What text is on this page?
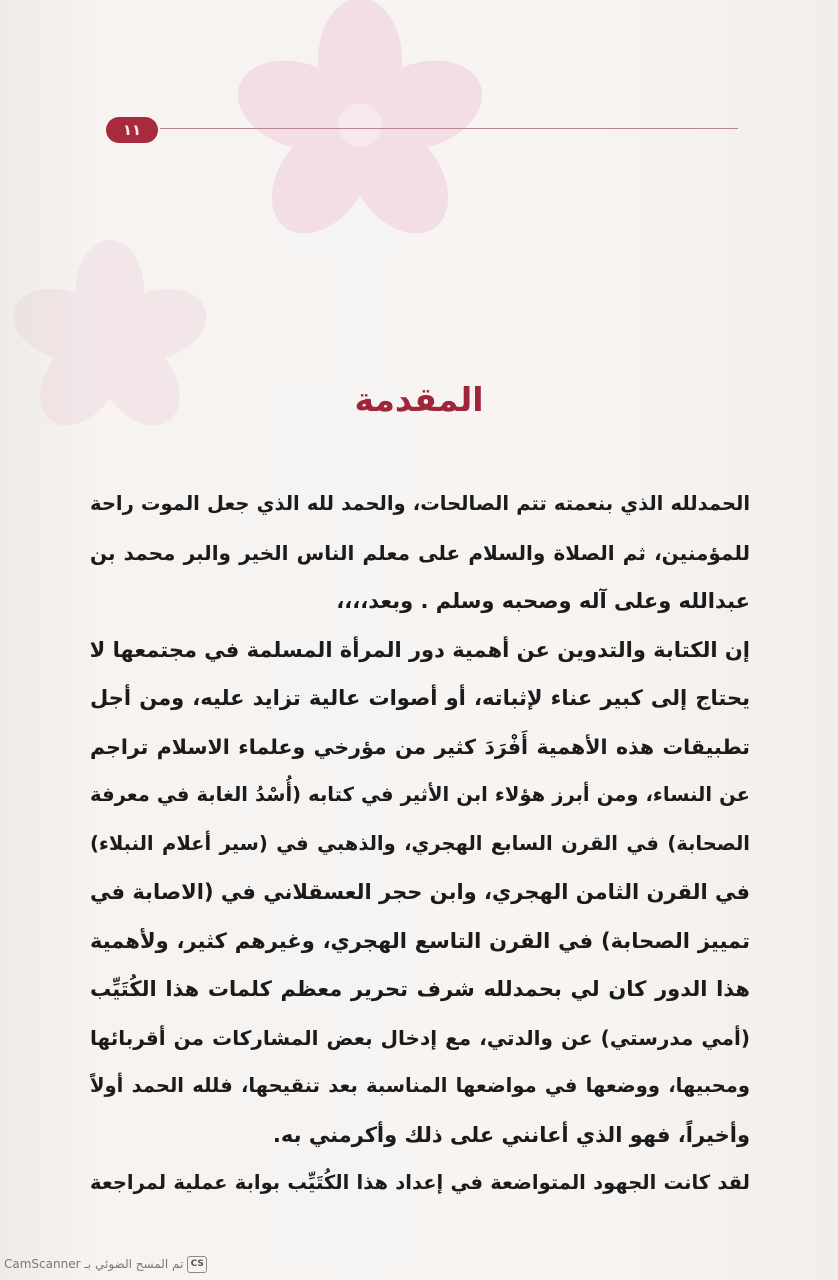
١١
المقدمة
الحمدلله الذي بنعمته تتم الصالحات، والحمد لله الذي جعل الموت راحة
للمؤمنين، ثم الصلاة والسلام على معلم الناس الخير والبر محمد بن
عبدالله وعلى آله وصحبه وسلم . وبعد،،،،
إن الكتابة والتدوين عن أهمية دور المرأة المسلمة في مجتمعها لا
يحتاج إلى كبير عناء لإثباته، أو أصوات عالية تزايد عليه، ومن أجل
تطبيقات هذه الأهمية أَفْرَدَ كثير من مؤرخي وعلماء الاسلام تراجم
عن النساء، ومن أبرز هؤلاء ابن الأثير في كتابه (أُسْدُ الغابة في معرفة
الصحابة) في القرن السابع الهجري، والذهبي في (سير أعلام النبلاء)
في القرن الثامن الهجري، وابن حجر العسقلاني في (الاصابة في
تمييز الصحابة) في القرن التاسع الهجري، وغيرهم كثير، ولأهمية
هذا الدور كان لي بحمدلله شرف تحرير معظم كلمات هذا الكُتَيِّب
(أمي مدرستي) عن والدتي، مع إدخال بعض المشاركات من أقربائها
ومحبيها، ووضعها في مواضعها المناسبة بعد تنقيحها، فلله الحمد أولاً
وأخيراً، فهو الذي أعانني على ذلك وأكرمني به.
لقد كانت الجهود المتواضعة في إعداد هذا الكُتَيِّب بوابة عملية لمراجعة
CS
تم المسح الضوئي بـ CamScanner
